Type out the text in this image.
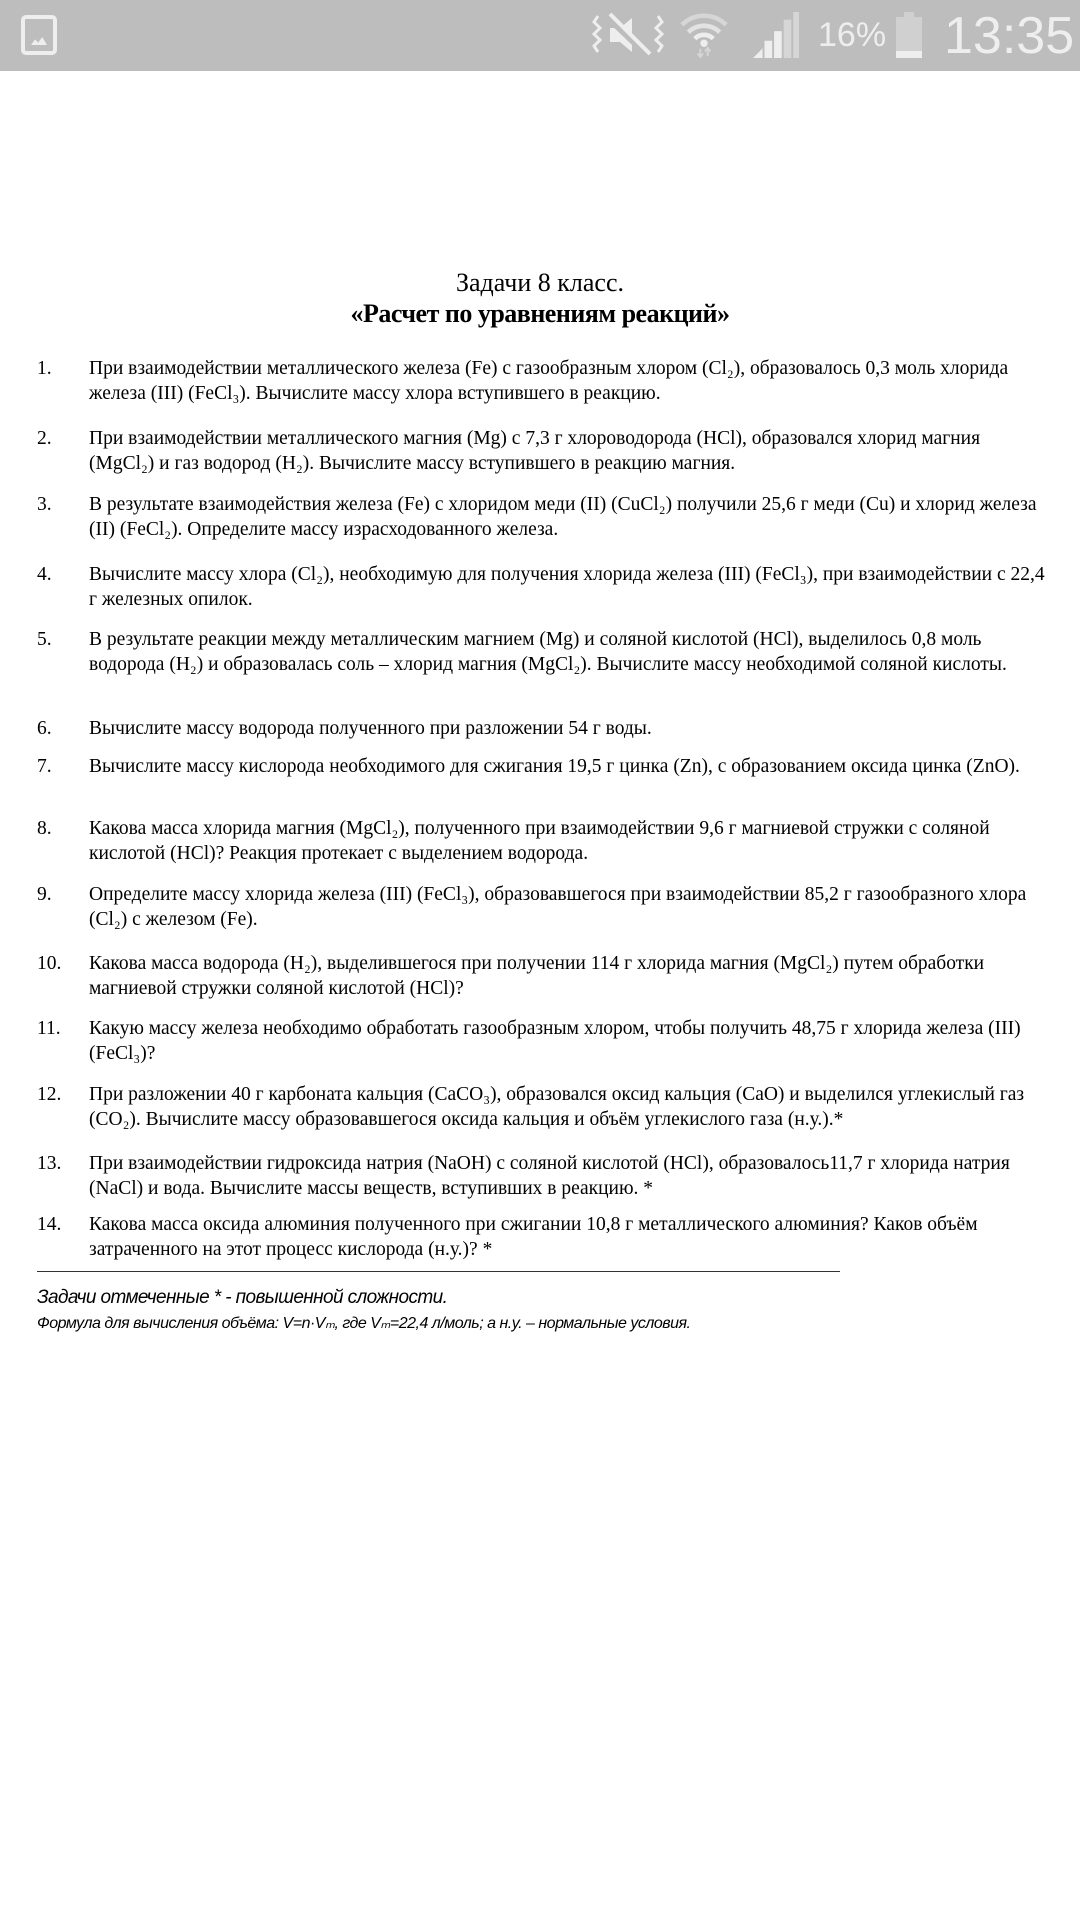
16% 13:35
Задачи 8 класс.
«Расчет по уравнениям реакций»
1. При взаимодействии металлического железа (Fe) с газообразным хлором (Cl₂), образовалось 0,3 моль хлорида железа (III) (FeCl₃). Вычислите массу хлора вступившего в реакцию.
2. При взаимодействии металлического магния (Mg) с 7,3 г хлороводорода (HCl), образовался хлорид магния (MgCl₂) и газ водород (H₂). Вычислите массу вступившего в реакцию магния.
3. В результате взаимодействия железа (Fe) с хлоридом меди (II) (CuCl₂) получили 25,6 г меди (Cu) и хлорид железа (II) (FeCl₂). Определите массу израсходованного железа.
4. Вычислите массу хлора (Cl₂), необходимую для получения хлорида железа (III) (FeCl₃), при взаимодействии с 22,4 г железных опилок.
5. В результате реакции между металлическим магнием (Mg) и соляной кислотой (HCl), выделилось 0,8 моль водорода (H₂) и образовалась соль – хлорид магния (MgCl₂). Вычислите массу необходимой соляной кислоты.
6. Вычислите массу водорода полученного при разложении 54 г воды.
7. Вычислите массу кислорода необходимого для сжигания 19,5 г цинка (Zn), с образованием оксида цинка (ZnO).
8. Какова масса хлорида магния (MgCl₂), полученного при взаимодействии 9,6 г магниевой стружки с соляной кислотой (HCl)? Реакция протекает с выделением водорода.
9. Определите массу хлорида железа (III) (FeCl₃), образовавшегося при взаимодействии 85,2 г газообразного хлора (Cl₂) с железом (Fe).
10. Какова масса водорода (H₂), выделившегося при получении 114 г хлорида магния (MgCl₂) путем обработки магниевой стружки соляной кислотой (HCl)?
11. Какую массу железа необходимо обработать газообразным хлором, чтобы получить 48,75 г хлорида железа (III) (FeCl₃)?
12. При разложении 40 г карбоната кальция (CaCO₃), образовался оксид кальция (CaO) и выделился углекислый газ (CO₂). Вычислите массу образовавшегося оксида кальция и объём углекислого газа (н.у.).*
13. При взаимодействии гидроксида натрия (NaOH) с соляной кислотой (HCl), образовалось11,7 г хлорида натрия (NaCl) и вода. Вычислите массы веществ, вступивших в реакцию. *
14. Какова масса оксида алюминия полученного при сжигании 10,8 г металлического алюминия? Каков объём затраченного на этот процесс кислорода (н.у.)? *
Задачи отмеченные * - повышенной сложности.
Формула для вычисления объёма: V=n·Vₘ, где Vₘ=22,4 л/моль; а н.у. – нормальные условия.
